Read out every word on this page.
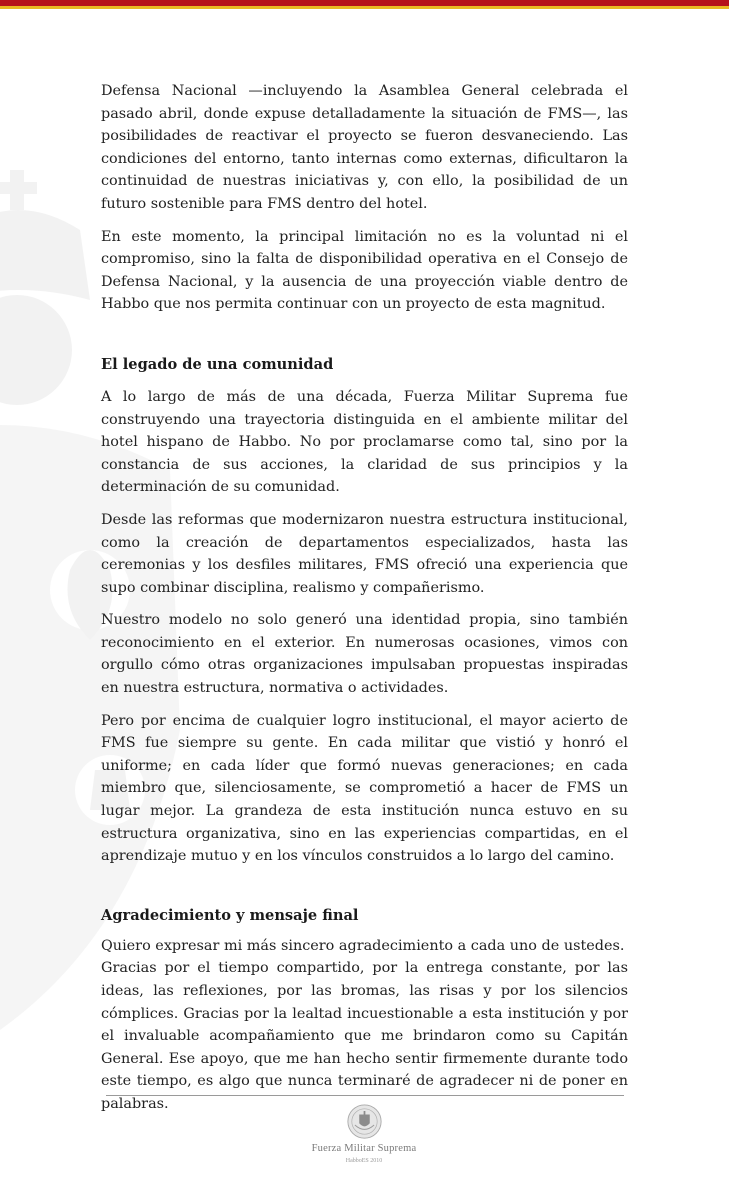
Defensa Nacional —incluyendo la Asamblea General celebrada el pasado abril, donde expuse detalladamente la situación de FMS—, las posibilidades de reactivar el proyecto se fueron desvaneciendo. Las condiciones del entorno, tanto internas como externas, dificultaron la continuidad de nuestras iniciativas y, con ello, la posibilidad de un futuro sostenible para FMS dentro del hotel.

En este momento, la principal limitación no es la voluntad ni el compromiso, sino la falta de disponibilidad operativa en el Consejo de Defensa Nacional, y la ausencia de una proyección viable dentro de Habbo que nos permita continuar con un proyecto de esta magnitud.

El legado de una comunidad

A lo largo de más de una década, Fuerza Militar Suprema fue construyendo una trayectoria distinguida en el ambiente militar del hotel hispano de Habbo. No por proclamarse como tal, sino por la constancia de sus acciones, la claridad de sus principios y la determinación de su comunidad.

Desde las reformas que modernizaron nuestra estructura institucional, como la creación de departamentos especializados, hasta las ceremonias y los desfiles militares, FMS ofreció una experiencia que supo combinar disciplina, realismo y compañerismo.

Nuestro modelo no solo generó una identidad propia, sino también reconocimiento en el exterior. En numerosas ocasiones, vimos con orgullo cómo otras organizaciones impulsaban propuestas inspiradas en nuestra estructura, normativa o actividades.

Pero por encima de cualquier logro institucional, el mayor acierto de FMS fue siempre su gente. En cada militar que vistió y honró el uniforme; en cada líder que formó nuevas generaciones; en cada miembro que, silenciosamente, se comprometió a hacer de FMS un lugar mejor. La grandeza de esta institución nunca estuvo en su estructura organizativa, sino en las experiencias compartidas, en el aprendizaje mutuo y en los vínculos construidos a lo largo del camino.

Agradecimiento y mensaje final

Quiero expresar mi más sincero agradecimiento a cada uno de ustedes.

Gracias por el tiempo compartido, por la entrega constante, por las ideas, las reflexiones, por las bromas, las risas y por los silencios cómplices. Gracias por la lealtad incuestionable a esta institución y por el invaluable acompañamiento que me brindaron como su Capitán General. Ese apoyo, que me han hecho sentir firmemente durante todo este tiempo, es algo que nunca terminaré de agradecer ni de poner en palabras.

Fuerza Militar Suprema
HabboES 2010
